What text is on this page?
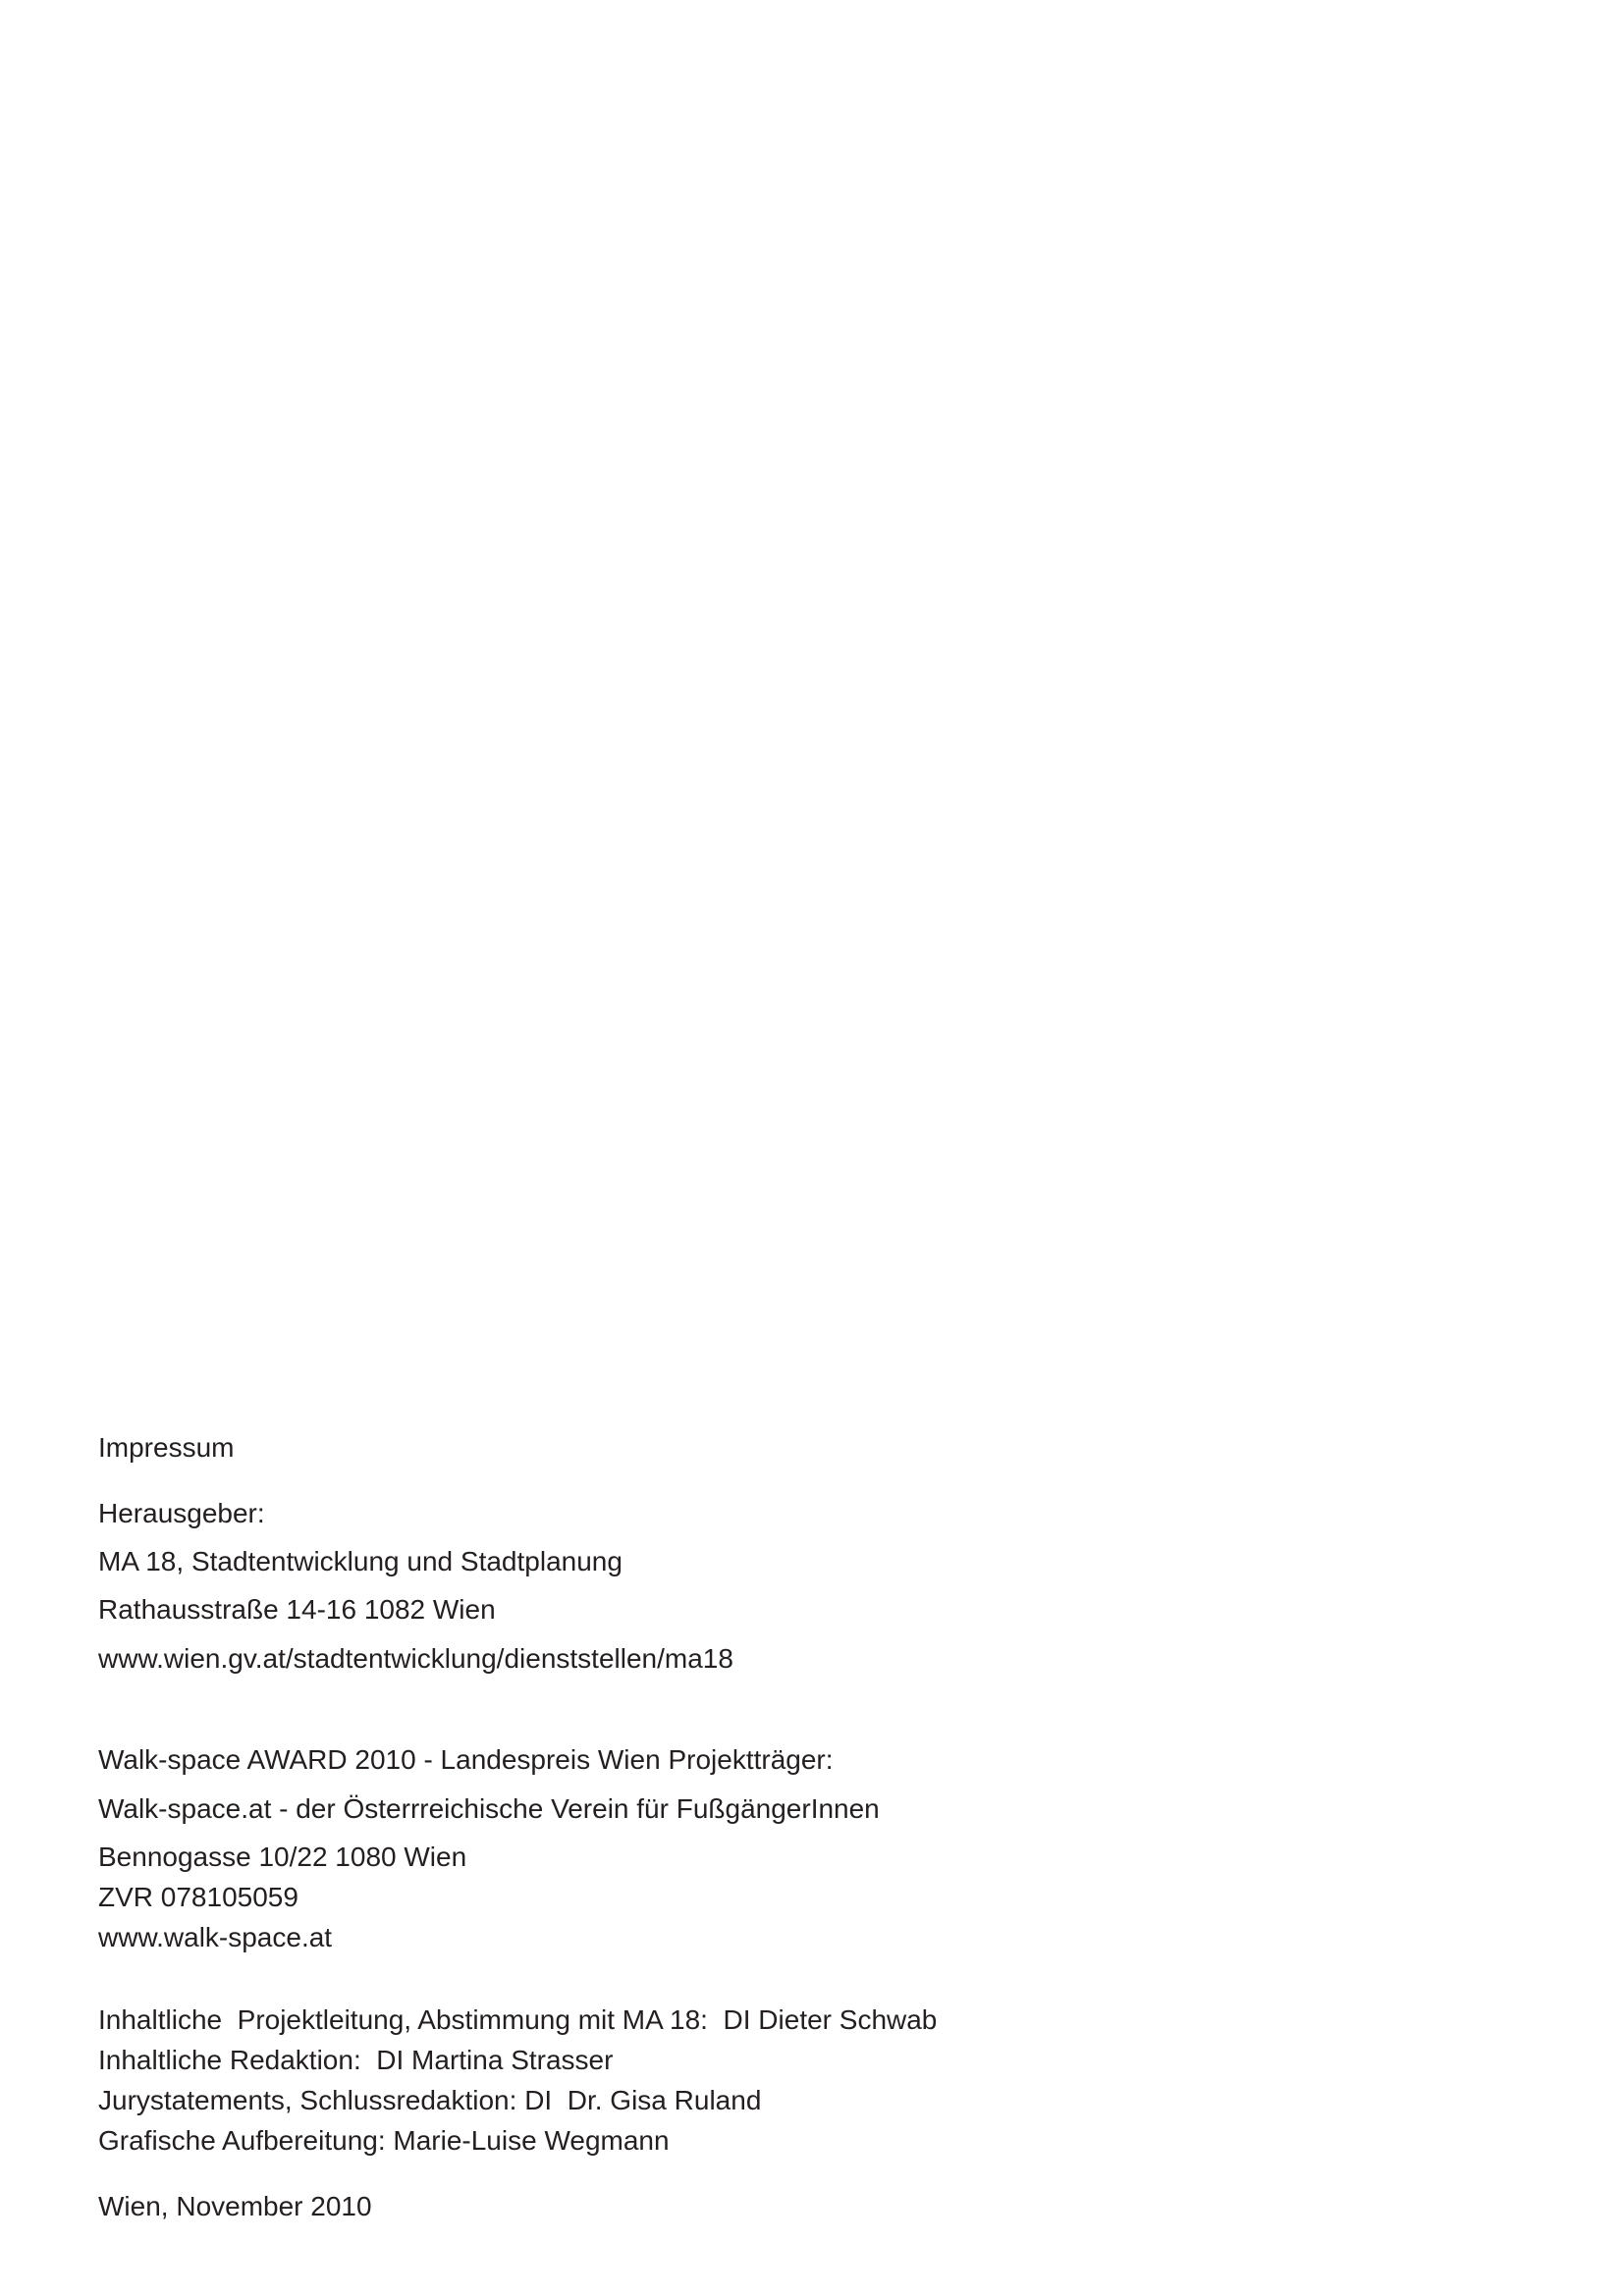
Impressum
Herausgeber:
MA 18, Stadtentwicklung und Stadtplanung
Rathausstraße 14-16 1082 Wien
www.wien.gv.at/stadtentwicklung/dienststellen/ma18
Walk-space AWARD 2010 - Landespreis Wien Projektträger:
Walk-space.at - der Österrreichische Verein für FußgängerInnen
Bennogasse 10/22 1080 Wien
ZVR 078105059
www.walk-space.at
Inhaltliche  Projektleitung, Abstimmung mit MA 18:  DI Dieter Schwab
Inhaltliche Redaktion:  DI Martina Strasser
Jurystatements, Schlussredaktion: DI  Dr. Gisa Ruland
Grafische Aufbereitung: Marie-Luise Wegmann
Wien, November 2010
